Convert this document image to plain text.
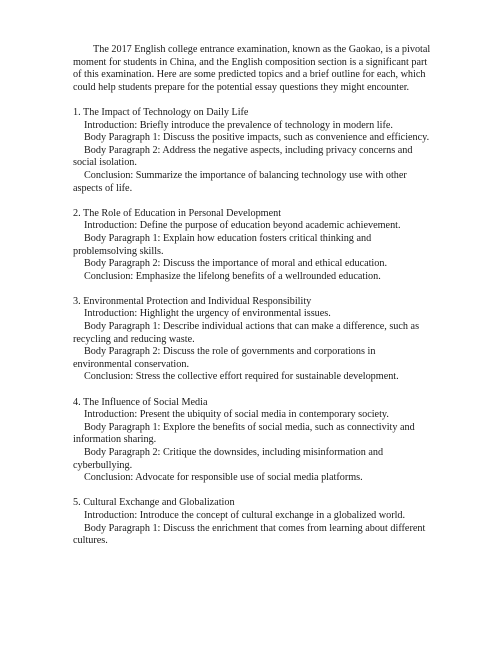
The 2017 English college entrance examination, known as the Gaokao, is a pivotal moment for students in China, and the English composition section is a significant part of this examination. Here are some predicted topics and a brief outline for each, which could help students prepare for the potential essay questions they might encounter.

1. The Impact of Technology on Daily Life

Introduction: Briefly introduce the prevalence of technology in modern life.

Body Paragraph 1: Discuss the positive impacts, such as convenience and efficiency.

Body Paragraph 2: Address the negative aspects, including privacy concerns and social isolation.

Conclusion: Summarize the importance of balancing technology use with other aspects of life.

2. The Role of Education in Personal Development

Introduction: Define the purpose of education beyond academic achievement.

Body Paragraph 1: Explain how education fosters critical thinking and problemsolving skills.

Body Paragraph 2: Discuss the importance of moral and ethical education.

Conclusion: Emphasize the lifelong benefits of a wellrounded education.

3. Environmental Protection and Individual Responsibility

Introduction: Highlight the urgency of environmental issues.

Body Paragraph 1: Describe individual actions that can make a difference, such as recycling and reducing waste.

Body Paragraph 2: Discuss the role of governments and corporations in environmental conservation.

Conclusion: Stress the collective effort required for sustainable development.

4. The Influence of Social Media

Introduction: Present the ubiquity of social media in contemporary society.

Body Paragraph 1: Explore the benefits of social media, such as connectivity and information sharing.

Body Paragraph 2: Critique the downsides, including misinformation and cyberbullying.

Conclusion: Advocate for responsible use of social media platforms.

5. Cultural Exchange and Globalization

Introduction: Introduce the concept of cultural exchange in a globalized world.

Body Paragraph 1: Discuss the enrichment that comes from learning about different cultures.
